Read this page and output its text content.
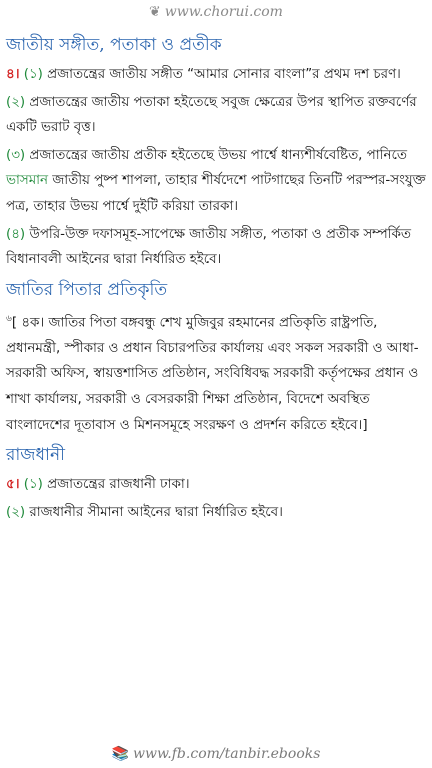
❦ www.chorui.com
জাতীয় সঙ্গীত, পতাকা ও প্রতীক

৪। (১) প্রজাতন্ত্রের জাতীয় সঙ্গীত “আমার সোনার বাংলা”র প্রথম দশ চরণ।

(২) প্রজাতন্ত্রের জাতীয় পতাকা হইতেছে সবুজ ক্ষেত্রের উপর স্থাপিত রক্তবর্ণের একটি ভরাট বৃত্ত।

(৩) প্রজাতন্ত্রের জাতীয় প্রতীক হইতেছে উভয় পার্শ্বে ধান্যশীর্ষবেষ্টিত, পানিতে ভাসমান জাতীয় পুষ্প শাপলা, তাহার শীর্ষদেশে পাটগাছের তিনটি পরস্পর-সংযুক্ত পত্র, তাহার উভয় পার্শ্বে দুইটি করিয়া তারকা।

(৪) উপরি-উক্ত দফাসমূহ-সাপেক্ষে জাতীয় সঙ্গীত, পতাকা ও প্রতীক সম্পর্কিত বিধানাবলী আইনের দ্বারা নির্ধারিত হইবে।

জাতির পিতার প্রতিকৃতি

$^৬$[ ৪ক। জাতির পিতা বঙ্গবন্ধু শেখ মুজিবুর রহমানের প্রতিকৃতি রাষ্ট্রপতি, প্রধানমন্ত্রী, স্পীকার ও প্রধান বিচারপতির কার্যালয় এবং সকল সরকারী ও আধা-সরকারী অফিস, স্বায়ত্তশাসিত প্রতিষ্ঠান, সংবিধিবদ্ধ সরকারী কর্তৃপক্ষের প্রধান ও শাখা কার্যালয়, সরকারী ও বেসরকারী শিক্ষা প্রতিষ্ঠান, বিদেশে অবস্থিত বাংলাদেশের দূতাবাস ও মিশনসমূহে সংরক্ষণ ও প্রদর্শন করিতে হইবে।]

রাজধানী

৫। (১) প্রজাতন্ত্রের রাজধানী ঢাকা।

(২) রাজধানীর সীমানা আইনের দ্বারা নির্ধারিত হইবে।

📚 www.fb.com/tanbir.ebooks
